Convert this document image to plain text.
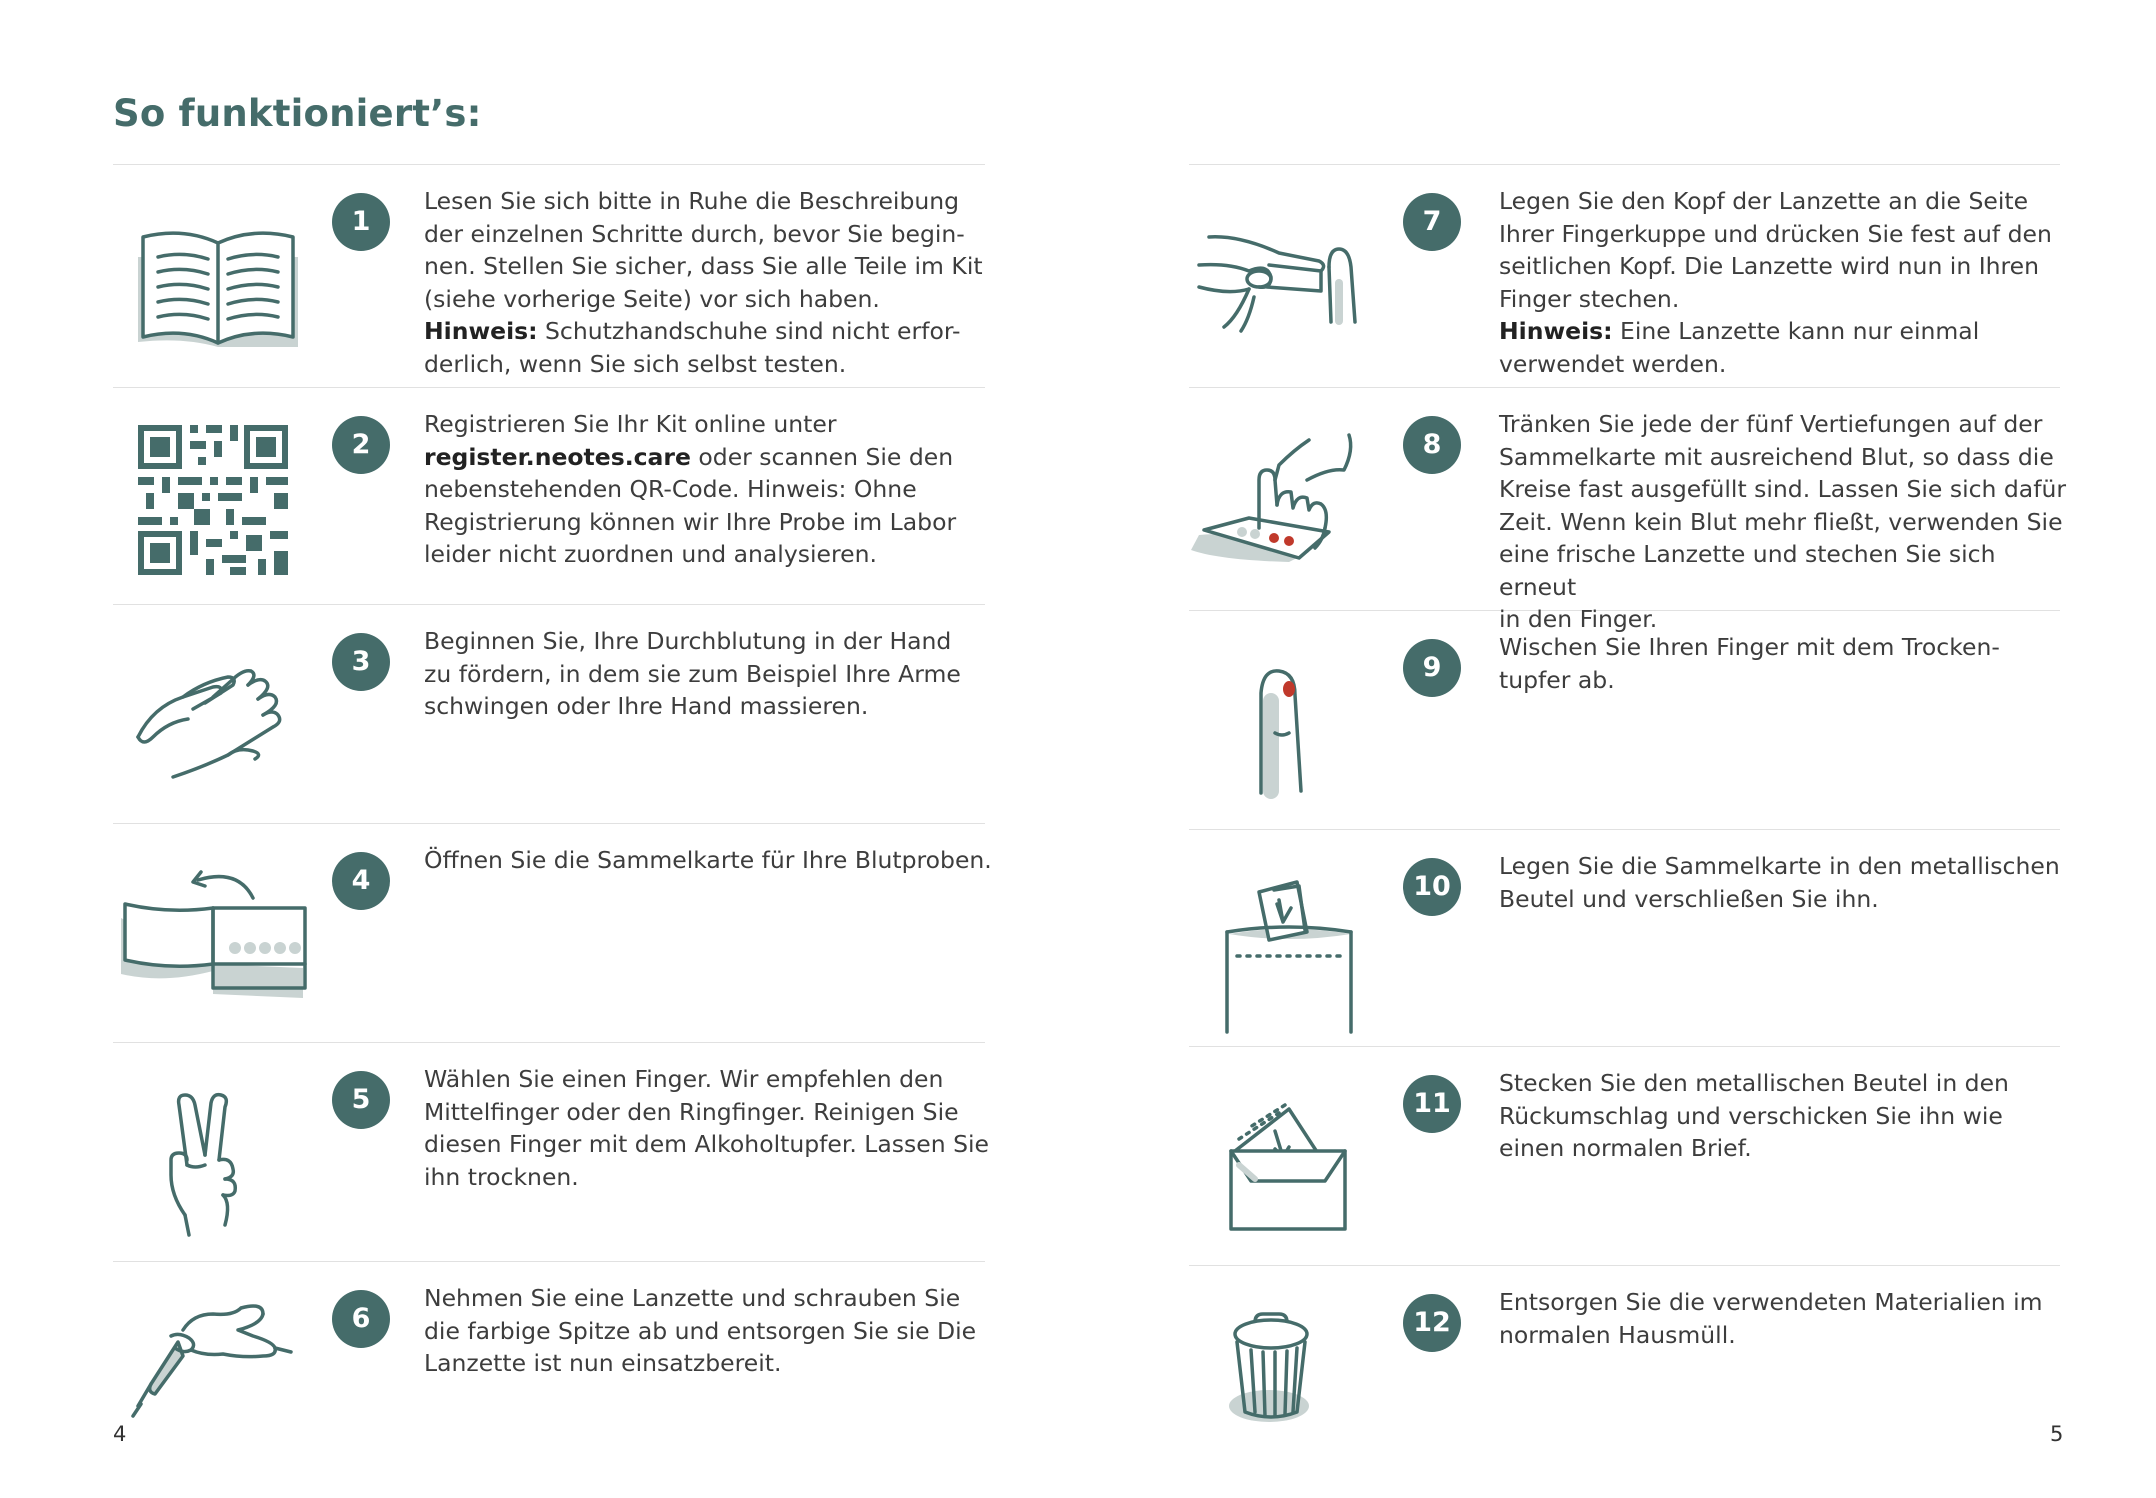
So funktioniert’s:
1
Lesen Sie sich bitte in Ruhe die Beschreibung
der einzelnen Schritte durch, bevor Sie begin-
nen. Stellen Sie sicher, dass Sie alle Teile im Kit
(siehe vorherige Seite) vor sich haben.
Hinweis: Schutzhandschuhe sind nicht erfor-
derlich, wenn Sie sich selbst testen.
2
Registrieren Sie Ihr Kit online unter
register.neotes.care oder scannen Sie den
nebenstehenden QR-Code. Hinweis: Ohne
Registrierung können wir Ihre Probe im Labor
leider nicht zuordnen und analysieren.
3
Beginnen Sie, Ihre Durchblutung in der Hand
zu fördern, in dem sie zum Beispiel Ihre Arme
schwingen oder Ihre Hand massieren.
4
Öffnen Sie die Sammelkarte für Ihre Blutproben.
5
Wählen Sie einen Finger. Wir empfehlen den
Mittelfinger oder den Ringfinger. Reinigen Sie
diesen Finger mit dem Alkoholtupfer. Lassen Sie
ihn trocknen.
6
Nehmen Sie eine Lanzette und schrauben Sie
die farbige Spitze ab und entsorgen Sie sie Die
Lanzette ist nun einsatzbereit.
7
Legen Sie den Kopf der Lanzette an die Seite
Ihrer Fingerkuppe und drücken Sie fest auf den
seitlichen Kopf. Die Lanzette wird nun in Ihren
Finger stechen.
Hinweis: Eine Lanzette kann nur einmal
verwendet werden.
8
Tränken Sie jede der fünf Vertiefungen auf der
Sammelkarte mit ausreichend Blut, so dass die
Kreise fast ausgefüllt sind. Lassen Sie sich dafür
Zeit. Wenn kein Blut mehr fließt, verwenden Sie
eine frische Lanzette und stechen Sie sich erneut
in den Finger.
9
Wischen Sie Ihren Finger mit dem Trocken-
tupfer ab.
10
Legen Sie die Sammelkarte in den metallischen
Beutel und verschließen Sie ihn.
11
Stecken Sie den metallischen Beutel in den
Rückumschlag und verschicken Sie ihn wie
einen normalen Brief.
12
Entsorgen Sie die verwendeten Materialien im
normalen Hausmüll.
4	5
